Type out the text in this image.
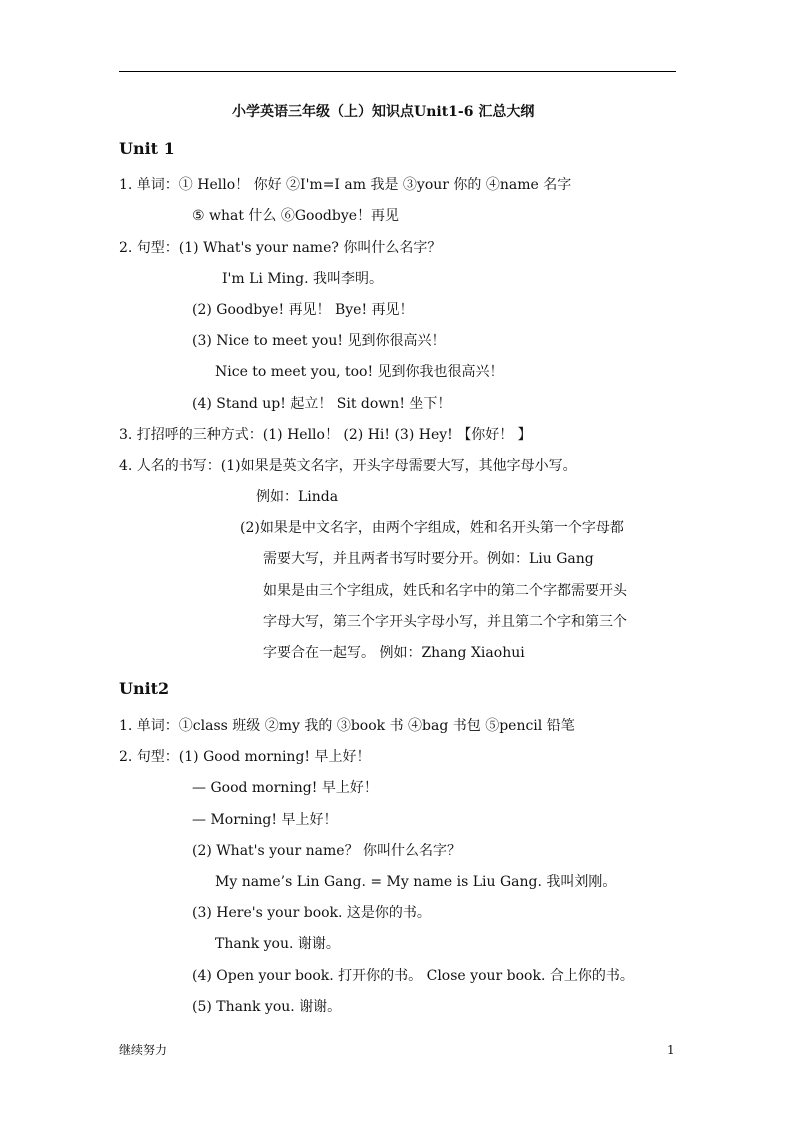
小学英语三年级（上）知识点Unit1-6 汇总大纲
Unit 1
1. 单词：① Hello！ 你好 ②I'm=I am 我是 ③your 你的 ④name 名字
⑤ what 什么 ⑥Goodbye！再见
2. 句型：(1) What's your name? 你叫什么名字？
I'm Li Ming. 我叫李明。
(2) Goodbye! 再见！ Bye! 再见！
(3) Nice to meet you! 见到你很高兴！
Nice to meet you, too! 见到你我也很高兴！
(4) Stand up! 起立！ Sit down! 坐下！
3. 打招呼的三种方式：(1) Hello！ (2) Hi! (3) Hey! 【你好！ 】
4. 人名的书写：(1)如果是英文名字，开头字母需要大写，其他字母小写。
例如：Linda
(2)如果是中文名字，由两个字组成，姓和名开头第一个字母都
需要大写，并且两者书写时要分开。例如：Liu Gang
如果是由三个字组成，姓氏和名字中的第二个字都需要开头
字母大写，第三个字开头字母小写，并且第二个字和第三个
字要合在一起写。 例如：Zhang Xiaohui
Unit2
1. 单词：①class 班级 ②my 我的 ③book 书 ④bag 书包 ⑤pencil 铅笔
2. 句型：(1) Good morning! 早上好！
— Good morning! 早上好！
— Morning! 早上好！
(2) What's your name？ 你叫什么名字？
My name’s Lin Gang. = My name is Liu Gang. 我叫刘刚。
(3) Here's your book. 这是你的书。
Thank you. 谢谢。
(4) Open your book. 打开你的书。 Close your book. 合上你的书。
(5) Thank you. 谢谢。
继续努力	1
